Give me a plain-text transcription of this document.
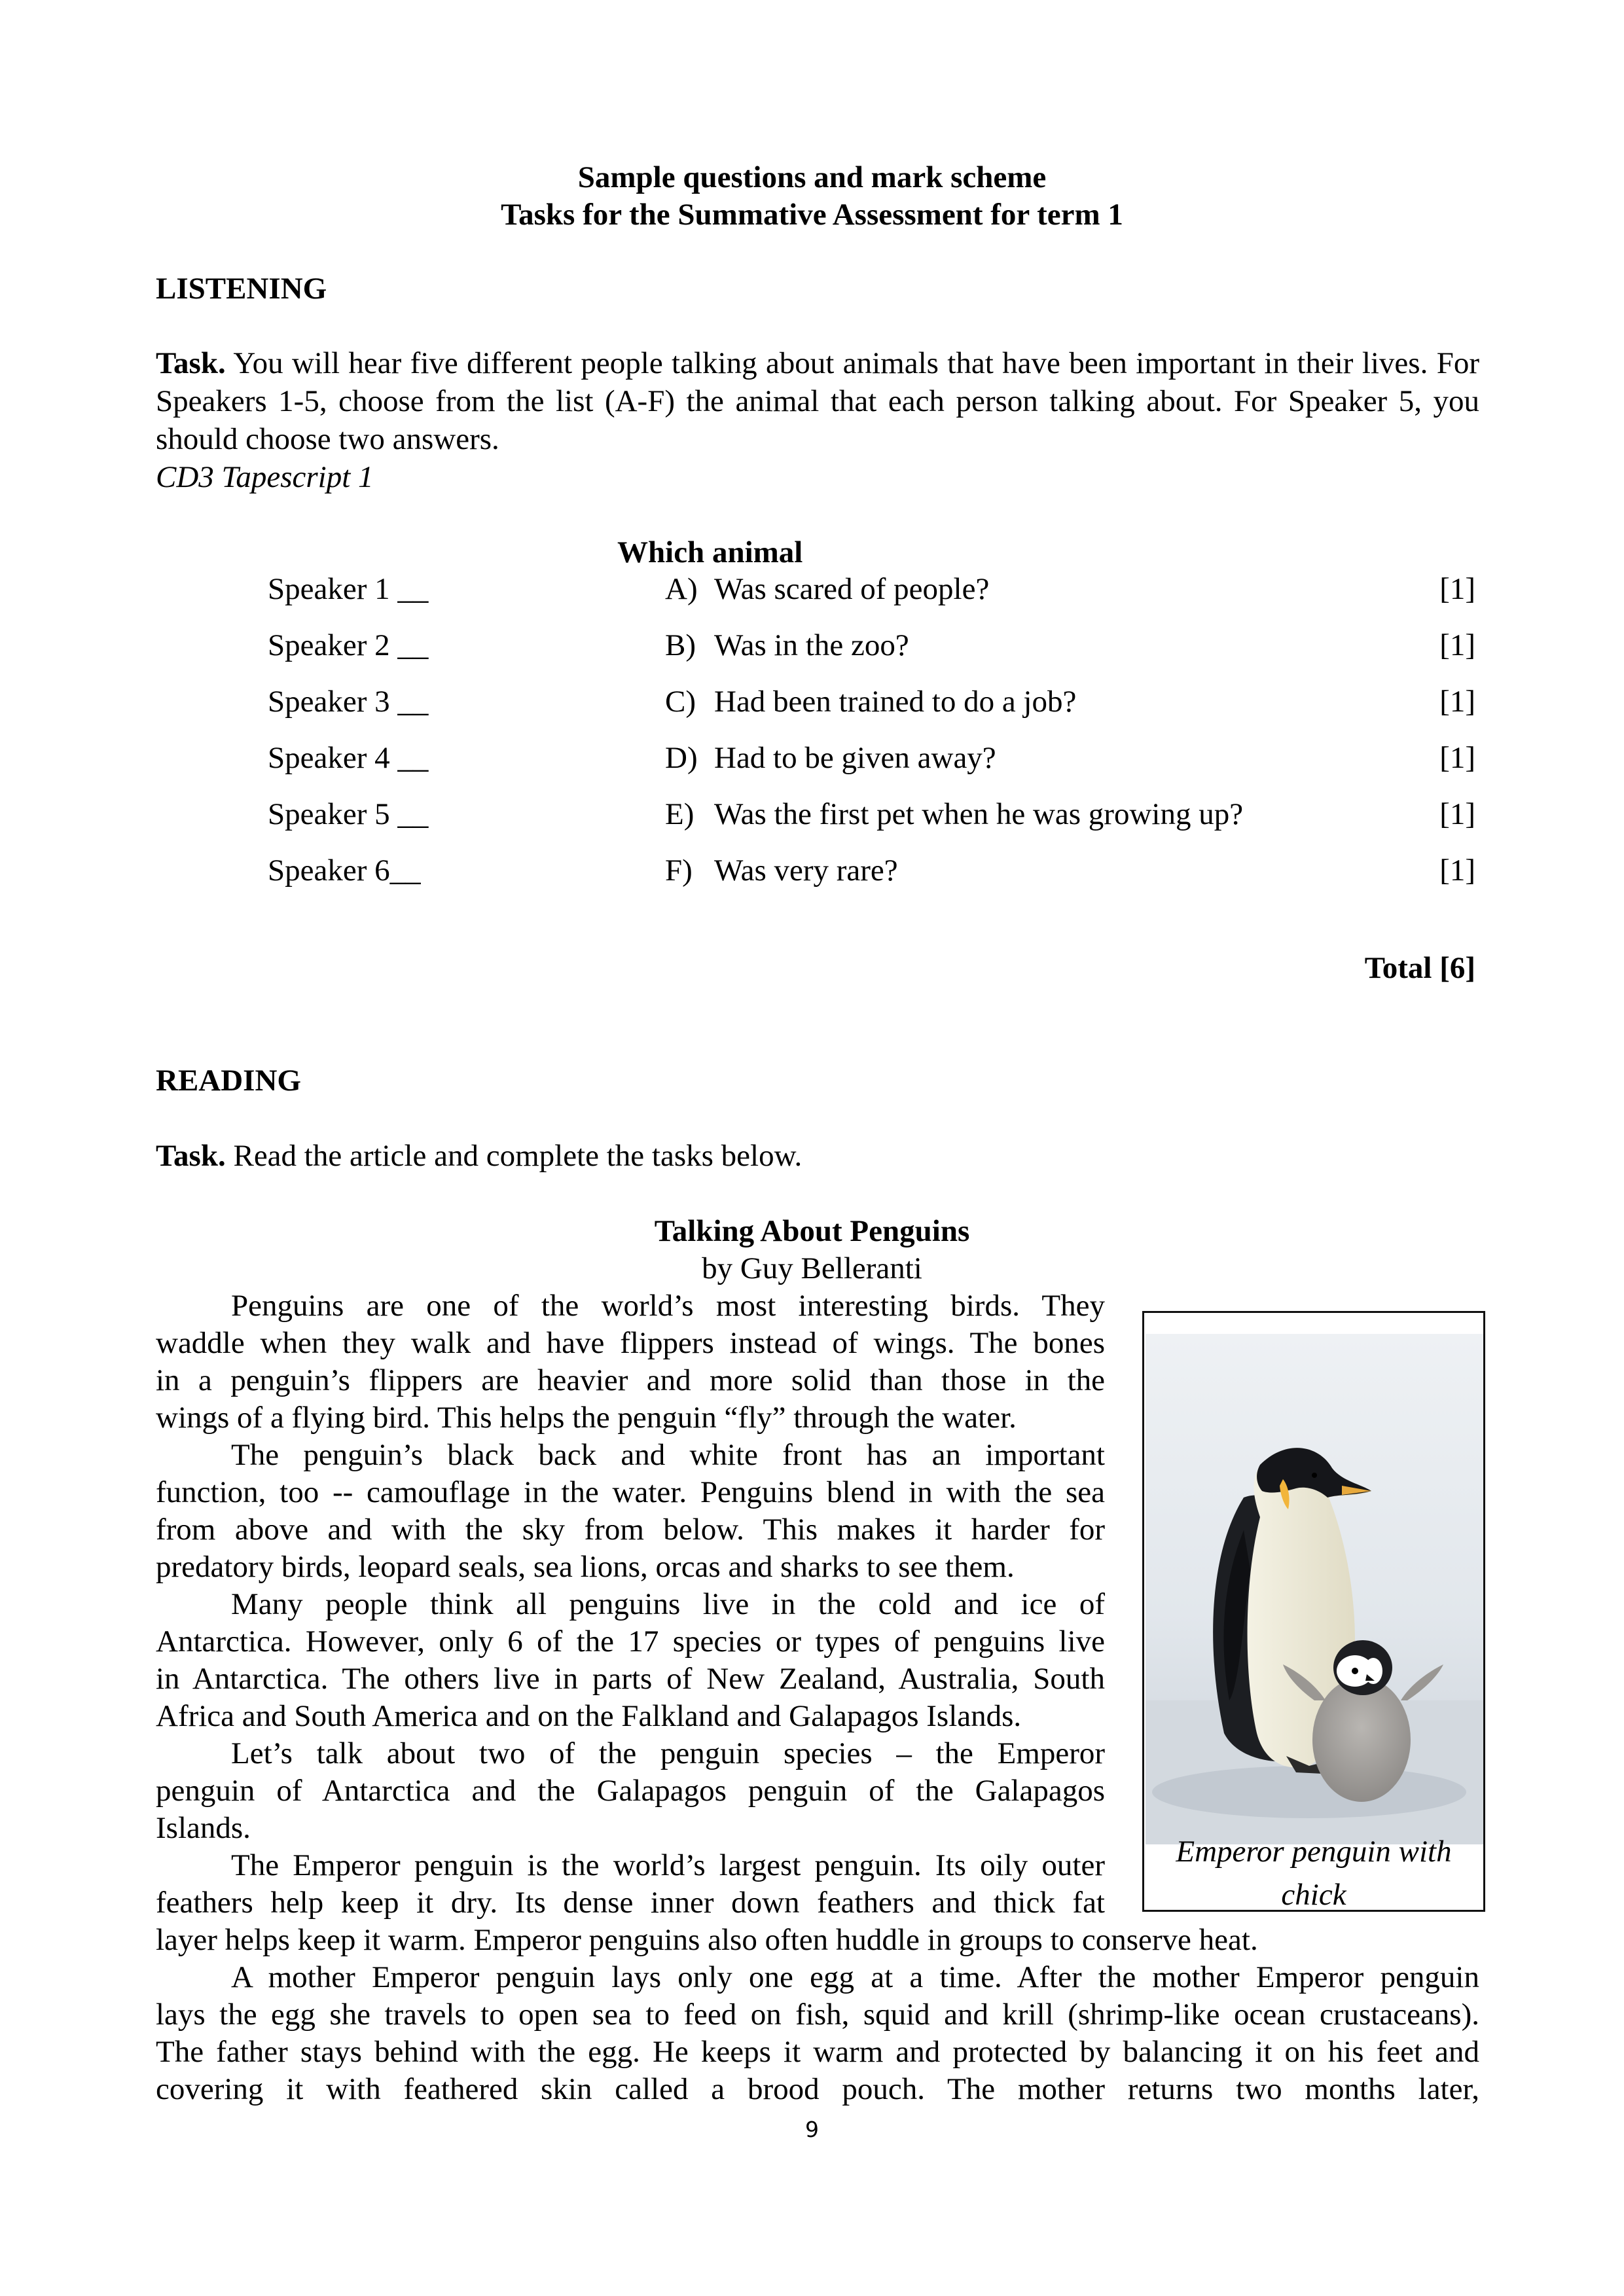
Sample questions and mark scheme
Tasks for the Summative Assessment for term 1
LISTENING

Task. You will hear five different people talking about animals that have been important in their lives. For Speakers 1-5, choose from the list (A-F) the animal that each person talking about. For Speaker 5, you should choose two answers.

CD3 Tapescript 1
Which animal
Speaker 1 __	A) Was scared of people?	[1]
Speaker 2 __	B) Was in the zoo?	[1]
Speaker 3 __	C) Had been trained to do a job?	[1]
Speaker 4 __	D) Had to be given away?	[1]
Speaker 5 __	E) Was the first pet when he was growing up?	[1]
Speaker 6__	F) Was very rare?	[1]
Total [6]
READING
Task. Read the article and complete the tasks below.
Talking About Penguins
by Guy Belleranti
Penguins are one of the world’s most interesting birds. They
waddle when they walk and have flippers instead of wings. The bones
in a penguin’s flippers are heavier and more solid than those in the
wings of a flying bird. This helps the penguin “fly” through the water.
The penguin’s black back and white front has an important
function, too -- camouflage in the water. Penguins blend in with the sea
from above and with the sky from below. This makes it harder for
predatory birds, leopard seals, sea lions, orcas and sharks to see them.
Many people think all penguins live in the cold and ice of
Antarctica. However, only 6 of the 17 species or types of penguins live
in Antarctica. The others live in parts of New Zealand, Australia, South
Africa and South America and on the Falkland and Galapagos Islands.
Let’s talk about two of the penguin species – the Emperor
penguin of Antarctica and the Galapagos penguin of the Galapagos
Islands.
The Emperor penguin is the world’s largest penguin. Its oily outer
feathers help keep it dry. Its dense inner down feathers and thick fat
layer helps keep it warm. Emperor penguins also often huddle in groups to conserve heat.
A mother Emperor penguin lays only one egg at a time. After the mother Emperor penguin
lays the egg she travels to open sea to feed on fish, squid and krill (shrimp-like ocean crustaceans).
The father stays behind with the egg. He keeps it warm and protected by balancing it on his feet and
covering it with feathered skin called a brood pouch. The mother returns two months later,
Emperor penguin with
chick
9
